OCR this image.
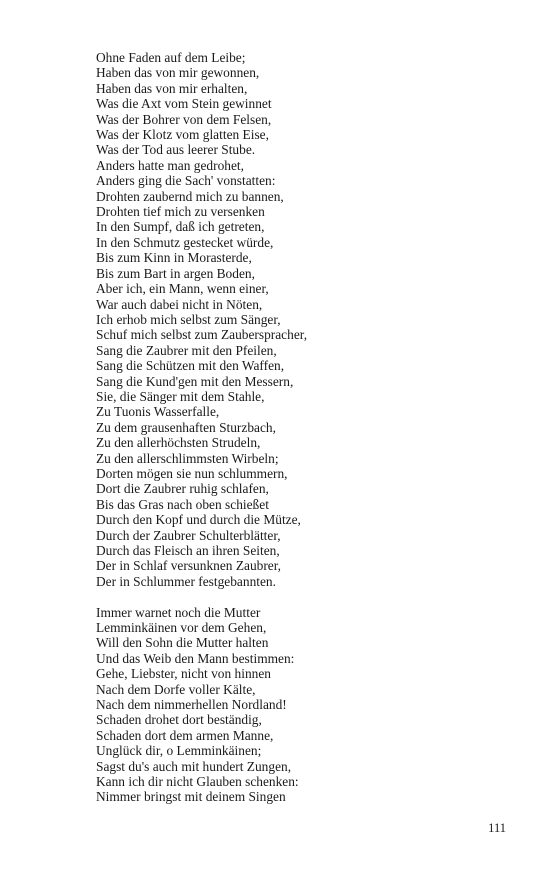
Ohne Faden auf dem Leibe;
Haben das von mir gewonnen,
Haben das von mir erhalten,
Was die Axt vom Stein gewinnet
Was der Bohrer von dem Felsen,
Was der Klotz vom glatten Eise,
Was der Tod aus leerer Stube.
Anders hatte man gedrohet,
Anders ging die Sach' vonstatten:
Drohten zaubernd mich zu bannen,
Drohten tief mich zu versenken
In den Sumpf, daß ich getreten,
In den Schmutz gestecket würde,
Bis zum Kinn in Morasterde,
Bis zum Bart in argen Boden,
Aber ich, ein Mann, wenn einer,
War auch dabei nicht in Nöten,
Ich erhob mich selbst zum Sänger,
Schuf mich selbst zum Zauberspracher,
Sang die Zaubrer mit den Pfeilen,
Sang die Schützen mit den Waffen,
Sang die Kund'gen mit den Messern,
Sie, die Sänger mit dem Stahle,
Zu Tuonis Wasserfalle,
Zu dem grausenhaften Sturzbach,
Zu den allerhöchsten Strudeln,
Zu den allerschlimmsten Wirbeln;
Dorten mögen sie nun schlummern,
Dort die Zaubrer ruhig schlafen,
Bis das Gras nach oben schießet
Durch den Kopf und durch die Mütze,
Durch der Zaubrer Schulterblätter,
Durch das Fleisch an ihren Seiten,
Der in Schlaf versunknen Zaubrer,
Der in Schlummer festgebannten.
Immer warnet noch die Mutter
Lemminkäinen vor dem Gehen,
Will den Sohn die Mutter halten
Und das Weib den Mann bestimmen:
Gehe, Liebster, nicht von hinnen
Nach dem Dorfe voller Kälte,
Nach dem nimmerhellen Nordland!
Schaden drohet dort beständig,
Schaden dort dem armen Manne,
Unglück dir, o Lemminkäinen;
Sagst du's auch mit hundert Zungen,
Kann ich dir nicht Glauben schenken:
Nimmer bringst mit deinem Singen
111
